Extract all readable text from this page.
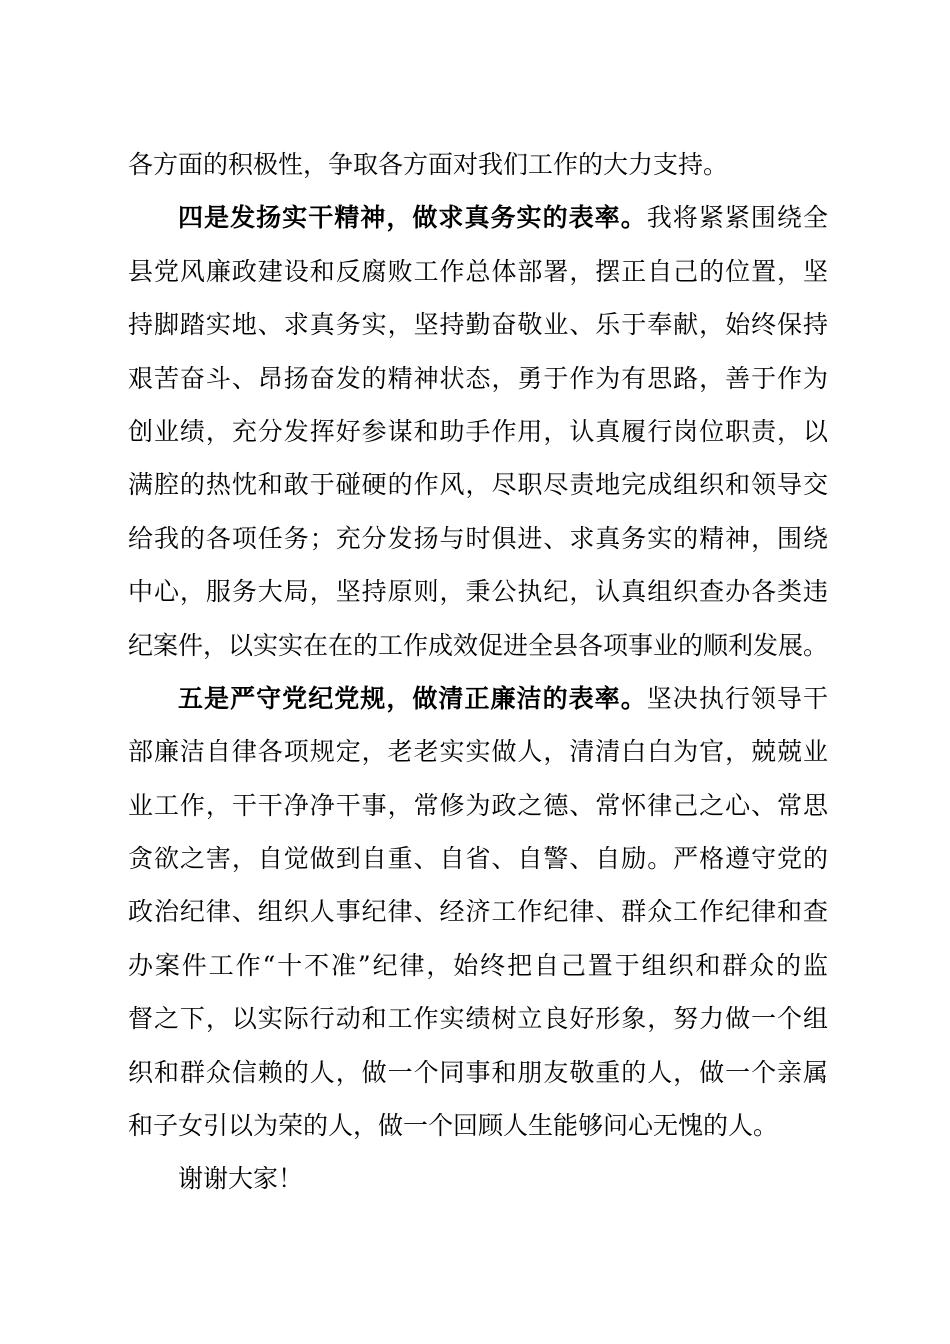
各方面的积极性，争取各方面对我们工作的大力支持。
四是发扬实干精神，做求真务实的表率。我将紧紧围绕全
县党风廉政建设和反腐败工作总体部署，摆正自己的位置，坚
持脚踏实地、求真务实，坚持勤奋敬业、乐于奉献，始终保持
艰苦奋斗、昂扬奋发的精神状态，勇于作为有思路，善于作为
创业绩，充分发挥好参谋和助手作用，认真履行岗位职责，以
满腔的热忱和敢于碰硬的作风，尽职尽责地完成组织和领导交
给我的各项任务；充分发扬与时俱进、求真务实的精神，围绕
中心，服务大局，坚持原则，秉公执纪，认真组织查办各类违
纪案件，以实实在在的工作成效促进全县各项事业的顺利发展。
五是严守党纪党规，做清正廉洁的表率。坚决执行领导干
部廉洁自律各项规定，老老实实做人，清清白白为官，兢兢业
业工作，干干净净干事，常修为政之德、常怀律己之心、常思
贪欲之害，自觉做到自重、自省、自警、自励。严格遵守党的
政治纪律、组织人事纪律、经济工作纪律、群众工作纪律和查
办案件工作“十不准”纪律，始终把自己置于组织和群众的监
督之下，以实际行动和工作实绩树立良好形象，努力做一个组
织和群众信赖的人，做一个同事和朋友敬重的人，做一个亲属
和子女引以为荣的人，做一个回顾人生能够问心无愧的人。
谢谢大家！
